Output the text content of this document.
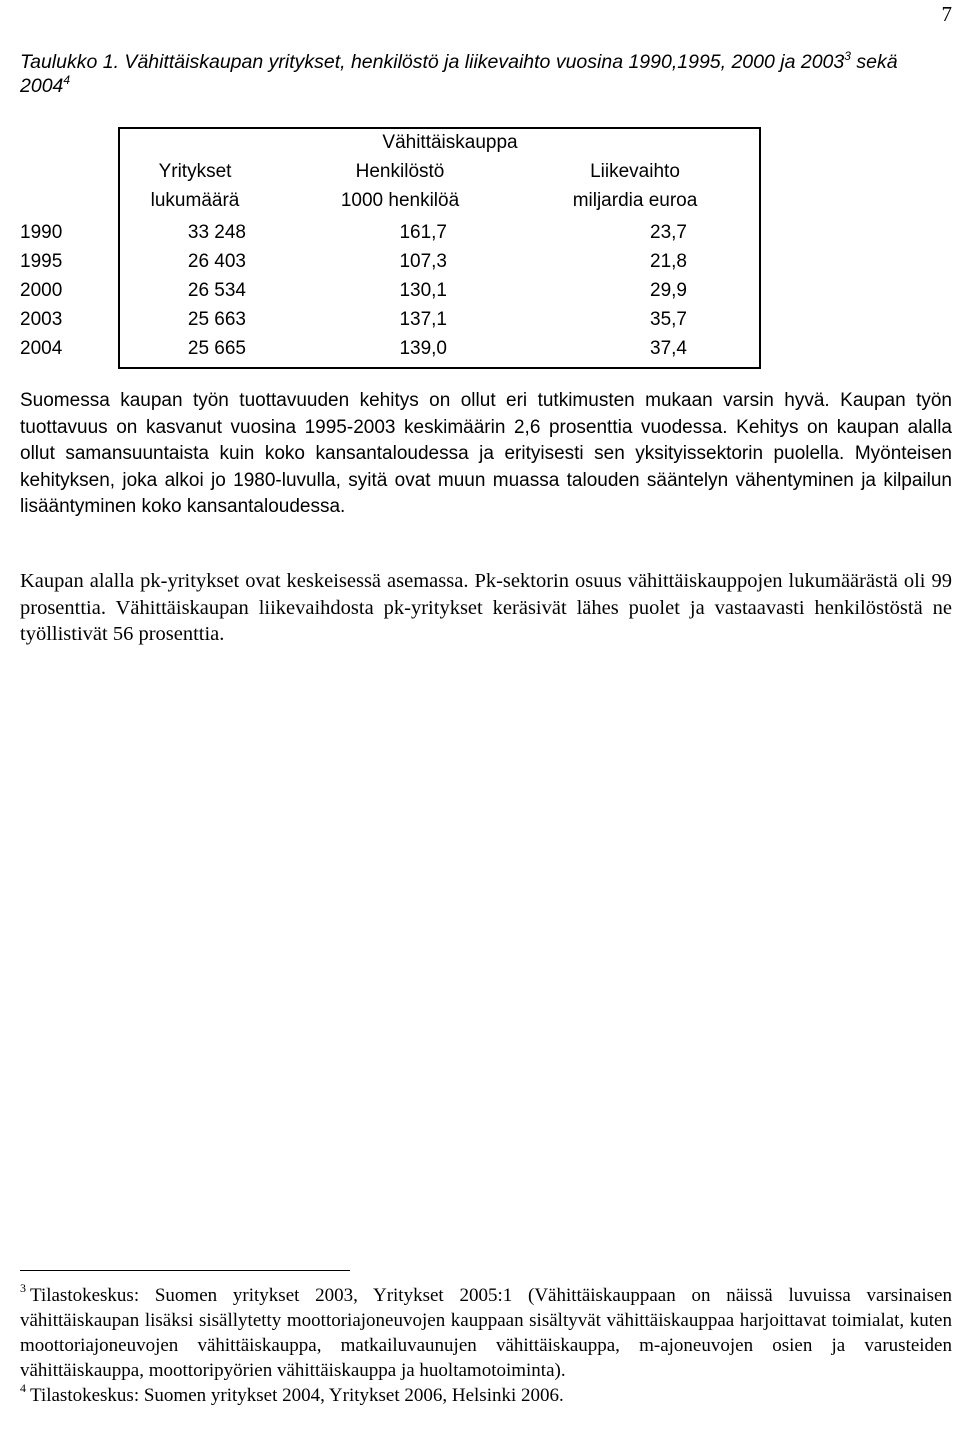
7
Taulukko 1. Vähittäiskaupan yritykset, henkilöstö ja liikevaihto vuosina 1990,1995, 2000 ja 2003$^3$ sekä 2004$^4$
Vähittäiskauppa
Yritykset
lukumäärä
Henkilöstö
1000 henkilöä
Liikevaihto
miljardia euroa
1990	33 248	161,7	23,7
1995	26 403	107,3	21,8
2000	26 534	130,1	29,9
2003	25 663	137,1	35,7
2004	25 665	139,0	37,4
Suomessa kaupan työn tuottavuuden kehitys on ollut eri tutkimusten mukaan varsin hyvä. Kaupan työn tuottavuus on kasvanut vuosina 1995-2003 keskimäärin 2,6 prosenttia vuodessa. Kehitys on kaupan alalla ollut samansuuntaista kuin koko kansantaloudessa ja erityisesti sen yksityissektorin puolella. Myönteisen kehityksen, joka alkoi jo 1980-luvulla, syitä ovat muun muassa talouden sääntelyn vähentyminen ja kilpailun lisääntyminen koko kansantaloudessa.
Kaupan alalla pk-yritykset ovat keskeisessä asemassa. Pk-sektorin osuus vähittäiskauppojen lukumäärästä oli 99 prosenttia. Vähittäiskaupan liikevaihdosta pk-yritykset keräsivät lähes puolet ja vastaavasti henkilöstöstä ne työllistivät 56 prosenttia.

$^3$ Tilastokeskus: Suomen yritykset 2003, Yritykset 2005:1 (Vähittäiskauppaan on näissä luvuissa varsinaisen vähittäiskaupan lisäksi sisällytetty moottoriajoneuvojen kauppaan sisältyvät vähittäiskauppaa harjoittavat toimialat, kuten moottoriajoneuvojen vähittäiskauppa, matkailuvaunujen vähittäiskauppa, m-ajoneuvojen osien ja varusteiden vähittäiskauppa, moottoripyörien vähittäiskauppa ja huoltamotoiminta).

$^4$ Tilastokeskus: Suomen yritykset 2004, Yritykset 2006, Helsinki 2006.
